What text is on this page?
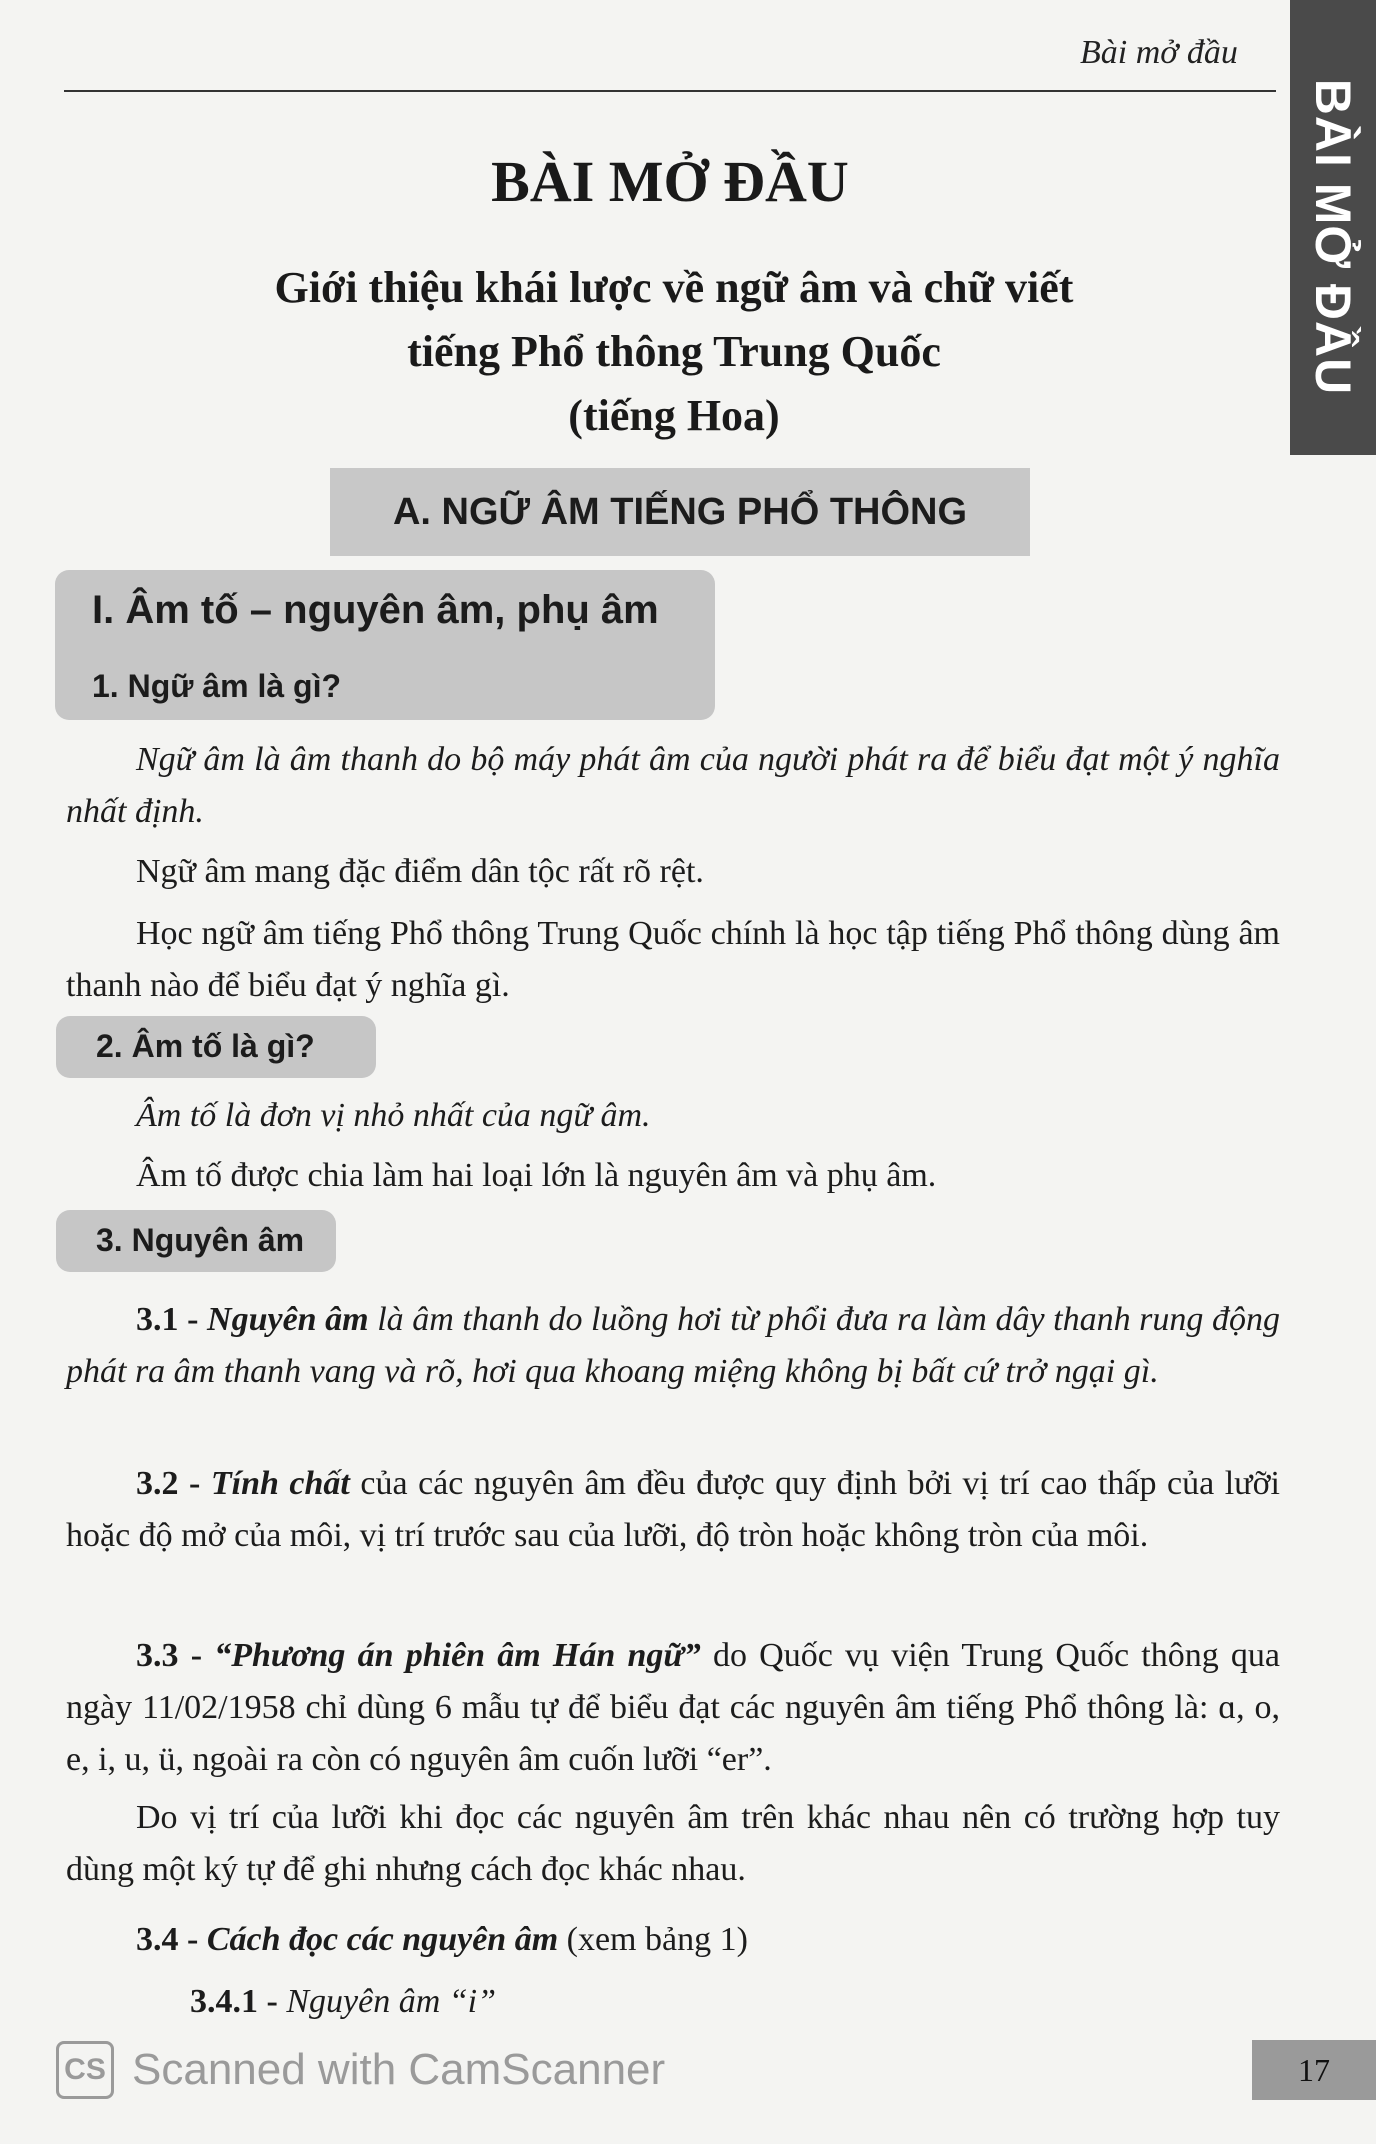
Bài mở đầu
BÀI MỞ ĐẦU
BÀI MỞ ĐẦU
Giới thiệu khái lược về ngữ âm và chữ viết
tiếng Phổ thông Trung Quốc
(tiếng Hoa)
A. NGỮ ÂM TIẾNG PHỔ THÔNG
I. Âm tố – nguyên âm, phụ âm
1. Ngữ âm là gì?
Ngữ âm là âm thanh do bộ máy phát âm của người phát ra để biểu đạt một ý nghĩa nhất định.
Ngữ âm mang đặc điểm dân tộc rất rõ rệt.
Học ngữ âm tiếng Phổ thông Trung Quốc chính là học tập tiếng Phổ thông dùng âm thanh nào để biểu đạt ý nghĩa gì.
2. Âm tố là gì?
Âm tố là đơn vị nhỏ nhất của ngữ âm.
Âm tố được chia làm hai loại lớn là nguyên âm và phụ âm.
3. Nguyên âm
3.1 - Nguyên âm là âm thanh do luồng hơi từ phổi đưa ra làm dây thanh rung động phát ra âm thanh vang và rõ, hơi qua khoang miệng không bị bất cứ trở ngại gì.
3.2 - Tính chất của các nguyên âm đều được quy định bởi vị trí cao thấp của lưỡi hoặc độ mở của môi, vị trí trước sau của lưỡi, độ tròn hoặc không tròn của môi.
3.3 - “Phương án phiên âm Hán ngữ” do Quốc vụ viện Trung Quốc thông qua ngày 11/02/1958 chỉ dùng 6 mẫu tự để biểu đạt các nguyên âm tiếng Phổ thông là: ɑ, o, e, i, u, ü, ngoài ra còn có nguyên âm cuốn lưỡi “er”.
Do vị trí của lưỡi khi đọc các nguyên âm trên khác nhau nên có trường hợp tuy dùng một ký tự để ghi nhưng cách đọc khác nhau.
3.4 - Cách đọc các nguyên âm (xem bảng 1)
3.4.1 - Nguyên âm “i”
CS Scanned with CamScanner	17
